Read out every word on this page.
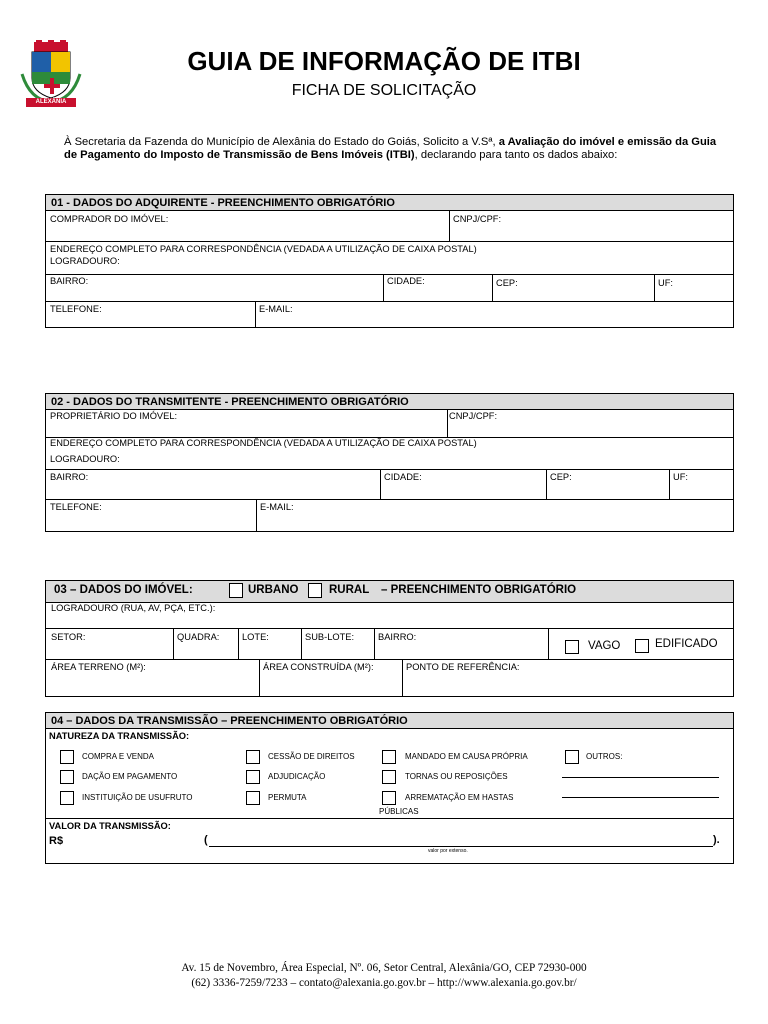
ALEXÂNIA
GUIA DE INFORMAÇÃO DE ITBI
FICHA DE SOLICITAÇÃO
À Secretaria da Fazenda do Município de Alexânia do Estado do Goiás, Solicito a V.Sª, a Avaliação do imóvel e emissão da Guia de Pagamento do Imposto de Transmissão de Bens Imóveis (ITBI), declarando para tanto os dados abaixo:
01 - DADOS DO ADQUIRENTE - PREENCHIMENTO OBRIGATÓRIO
COMPRADOR DO IMÓVEL:	CNPJ/CPF:
ENDEREÇO COMPLETO PARA CORRESPONDÊNCIA (VEDADA A UTILIZAÇÃO DE CAIXA POSTAL)
LOGRADOURO:
BAIRRO:	CIDADE:	CEP:	UF:
TELEFONE:	E-MAIL:
02 - DADOS DO TRANSMITENTE - PREENCHIMENTO OBRIGATÓRIO
PROPRIETÁRIO DO IMÓVEL:	CNPJ/CPF:
ENDEREÇO COMPLETO PARA CORRESPONDÊNCIA (VEDADA A UTILIZAÇÃO DE CAIXA POSTAL)
LOGRADOURO:
BAIRRO:	CIDADE:	CEP:	UF:
TELEFONE:	E-MAIL:
03 – DADOS DO IMÓVEL:	URBANO	RURAL – PREENCHIMENTO OBRIGATÓRIO
LOGRADOURO (RUA, AV, PÇA, ETC.):
SETOR:	QUADRA: LOTE:	SUB-LOTE:	BAIRRO:
VAGO	EDIFICADO
ÁREA TERRENO (M²):	ÁREA CONSTRUÍDA (M²):	PONTO DE REFERÊNCIA:
04 – DADOS DA TRANSMISSÃO – PREENCHIMENTO OBRIGATÓRIO
NATUREZA DA TRANSMISSÃO:
COMPRA E VENDA
DAÇÃO EM PAGAMENTO
INSTITUIÇÃO DE USUFRUTO
CESSÃO DE DIREITOS
ADJUDICAÇÃO
PERMUTA
MANDADO EM CAUSA PRÓPRIA
TORNAS OU REPOSIÇÕES
ARREMATAÇÃO EM HASTAS
PÚBLICAS
OUTROS:
VALOR DA TRANSMISSÃO:
R$	(	).
valor por extenso.
Av. 15 de Novembro, Área Especial, Nº. 06, Setor Central, Alexânia/GO, CEP 72930-000
(62) 3336-7259/7233 – contato@alexania.go.gov.br – http://www.alexania.go.gov.br/
